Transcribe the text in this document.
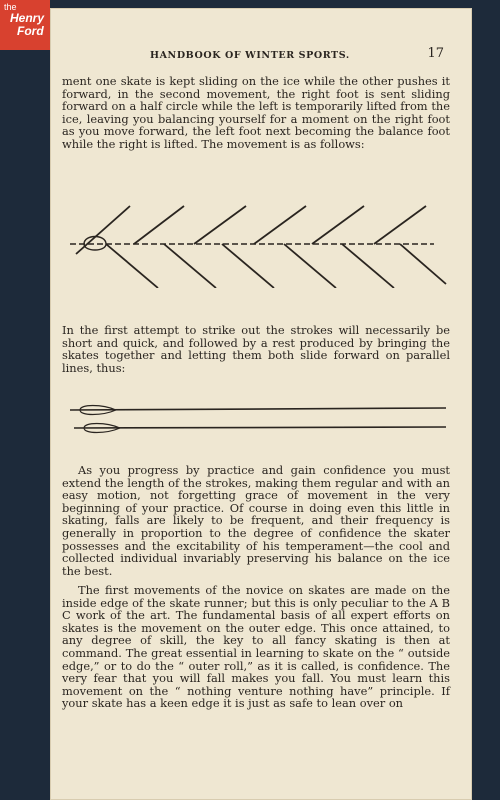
the
Henry
Ford
HANDBOOK OF WINTER SPORTS.	17
ment one skate is kept sliding on the ice while the other pushes it forward, in the second movement, the right foot is sent sliding forward on a half circle while the left is temporarily lifted from the ice, leaving you balancing yourself for a moment on the right foot as you move forward, the left foot next becoming the balance foot while the right is lifted. The movement is as follows:
In the first attempt to strike out the strokes will necessarily be short and quick, and followed by a rest produced by bringing the skates together and letting them both slide forward on parallel lines, thus:
As you progress by practice and gain confidence you must extend the length of the strokes, making them regular and with an easy motion, not forgetting grace of movement in the very beginning of your practice. Of course in doing even this little in skating, falls are likely to be frequent, and their frequency is generally in proportion to the degree of confidence the skater possesses and the excitability of his temperament—the cool and collected individual invariably preserving his balance on the ice the best.
The first movements of the novice on skates are made on the inside edge of the skate runner; but this is only peculiar to the A B C work of the art. The fundamental basis of all expert efforts on skates is the movement on the outer edge. This once attained, to any degree of skill, the key to all fancy skating is then at command. The great essential in learning to skate on the “ outside edge,” or to do the “ outer roll,” as it is called, is confidence. The very fear that you will fall makes you fall. You must learn this movement on the “ nothing venture nothing have” principle. If your skate has a keen edge it is just as safe to lean over on
